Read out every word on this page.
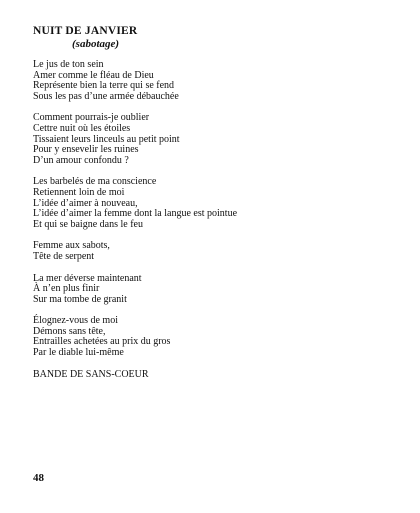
NUIT DE JANVIER
(sabotage)
Le jus de ton sein
Amer comme le fléau de Dieu
Représente bien la terre qui se fend
Sous les pas d’une armée débauchée
Comment pourrais-je oublier
Cettre nuit où les étoiles
Tissaient leurs linceuls au petit point
Pour y ensevelir les ruines
D’un amour confondu ?
Les barbelés de ma conscience
Retiennent loin de moi
L’idée d’aimer à nouveau,
L’idée d’aimer la femme dont la langue est pointue
Et qui se baigne dans le feu
Femme aux sabots,
Tête de serpent
La mer déverse maintenant
À n’en plus finir
Sur ma tombe de granit
Élognez-vous de moi
Démons sans tête,
Entrailles achetées au prix du gros
Par le diable lui-même
BANDE DE SANS-COEUR
48
